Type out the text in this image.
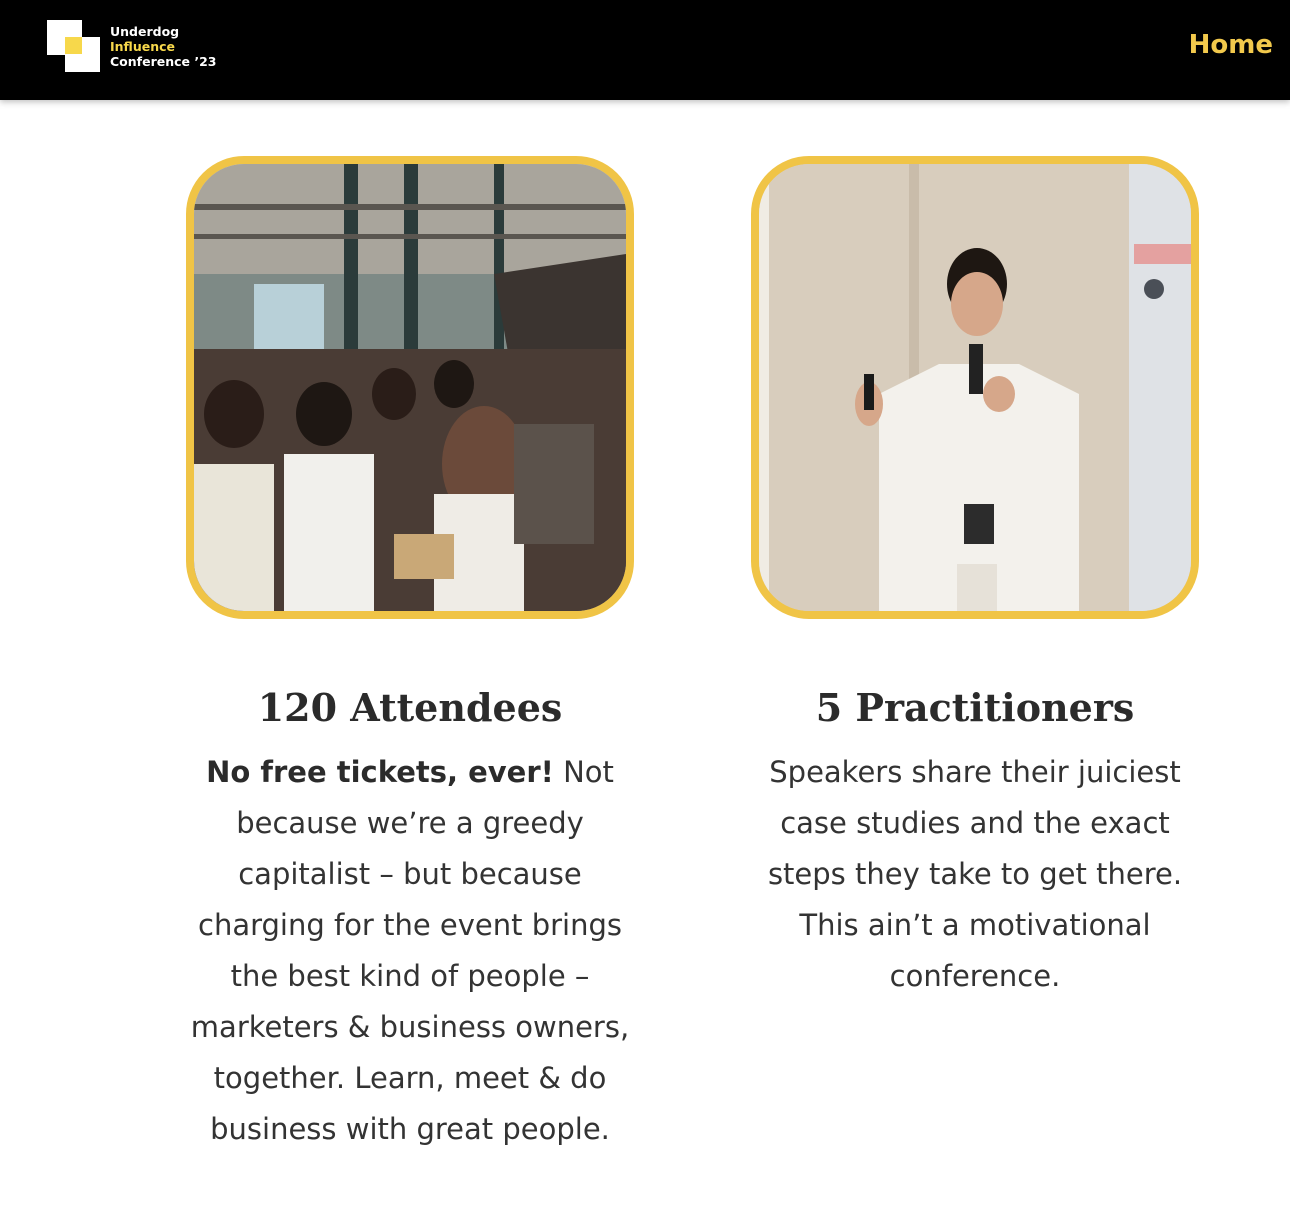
Underdog
Influence
Conference ’23
Home
120 Attendees

No free tickets, ever! Not because we’re a greedy capitalist – but because charging for the event brings the best kind of people – marketers & business owners, together. Learn, meet & do business with great people.

5 Practitioners

Speakers share their juiciest case studies and the exact steps they take to get there. This ain’t a motivational conference.
